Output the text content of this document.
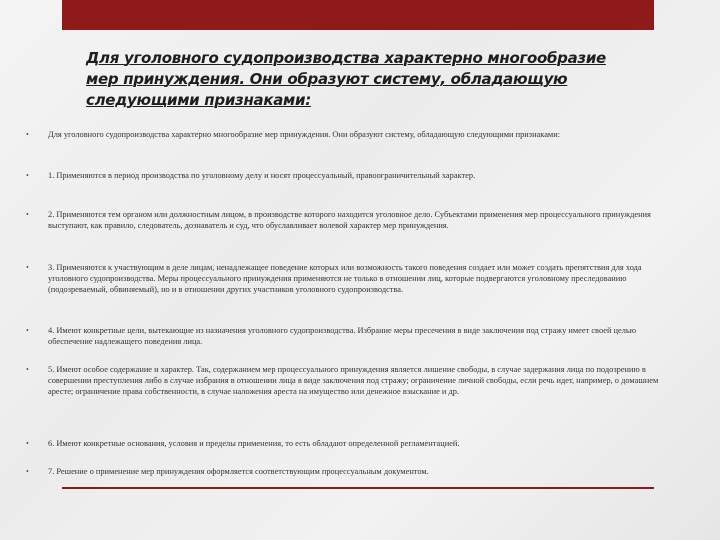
Для уголовного судопроизводства характерно многообразие мер принуждения. Они образуют систему, обладающую следующими признаками:
• Для уголовного судопроизводства характерно многообразие мер принуждения. Они образуют систему, обладающую следующими признаками:
• 1. Применяются в период производства по уголовному делу и носят процессуальный, правоограничительный характер.
• 2. Применяются тем органом или должностным лицом, в производстве которого находится уголовное дело. Субъектами применения мер процессуального принуждения выступают, как правило, следователь, дознаватель и суд, что обуславливает волевой характер мер принуждения.
• 3. Применяются к участвующим в деле лицам, ненадлежащее поведение которых или возможность такого поведения создает или может создать препятствия для хода уголовного судопроизводства. Меры процессуального принуждения применяются не только в отношении лиц, которые подвергаются уголовному преследованию (подозреваемый, обвиняемый), но и в отношении других участников уголовного судопроизводства.
• 4. Имеют конкретные цели, вытекающие из назначения уголовного судопроизводства. Избрание меры пресечения в виде заключения под стражу имеет своей целью обеспечение надлежащего поведения лица.
• 5. Имеют особое содержание и характер. Так, содержанием мер процессуального принуждения является лишение свободы, в случае задержания лица по подозрению в совершении преступления либо в случае избрания в отношении лица в виде заключения под стражу; ограничение личной свободы, если речь идет, например, о домашнем аресте; ограничение права собственности, в случае наложения ареста на имущество или денежное взыскание и др.
• 6. Имеют конкретные основания, условия и пределы применения, то есть обладают определенной регламентацией.
• 7. Решение о применение мер принуждения оформляется соответствующим процессуальным документом.
